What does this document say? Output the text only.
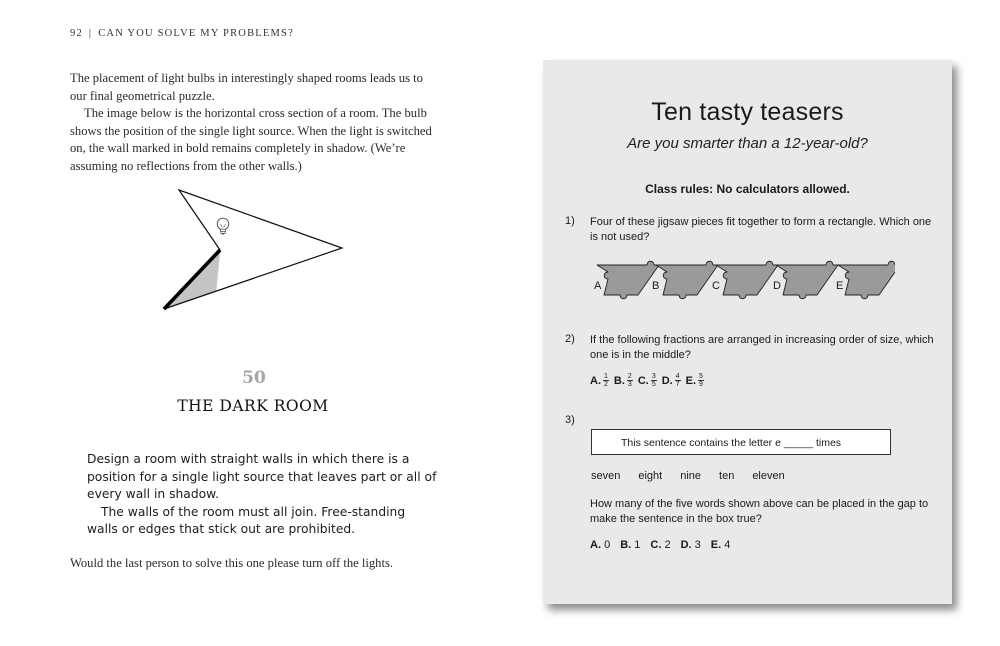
92 | CAN YOU SOLVE MY PROBLEMS?

The placement of light bulbs in interestingly shaped rooms leads us to our final geometrical puzzle.

The image below is the horizontal cross section of a room. The bulb shows the position of the single light source. When the light is switched on, the wall marked in bold remains completely in shadow. (We’re assuming no reflections from the other walls.)

50
THE DARK ROOM

Design a room with straight walls in which there is a position for a single light source that leaves part or all of every wall in shadow.

The walls of the room must all join. Free-standing walls or edges that stick out are prohibited.

Would the last person to solve this one please turn off the lights.
Ten tasty teasers
Are you smarter than a 12-year-old?
Class rules: No calculators allowed.
1) Four of these jigsaw pieces fit together to form a rectangle. Which one is not used?
A	B	C	D	E
2) If the following fractions are arranged in increasing order of size, which one is in the middle?
A. $\frac{1}{2} B$. $\frac{2}{3} C$. $\frac{3}{5} D$. $\frac{4}{7} E$. $\frac{5}{9}$
3)
This sentence contains the letter e _____ times
seven eight nine ten eleven
How many of the five words shown above can be placed in the gap to make the sentence in the box true?
A. 0 B. 1 C. 2 D. 3 E. 4
